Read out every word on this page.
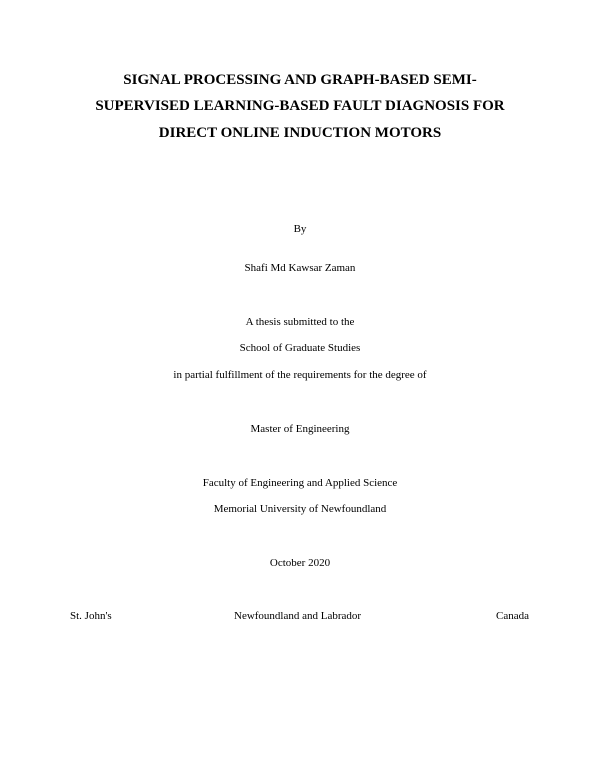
SIGNAL PROCESSING AND GRAPH-BASED SEMI-
SUPERVISED LEARNING-BASED FAULT DIAGNOSIS FOR
DIRECT ONLINE INDUCTION MOTORS
By
Shafi Md Kawsar Zaman
A thesis submitted to the
School of Graduate Studies
in partial fulfillment of the requirements for the degree of
Master of Engineering
Faculty of Engineering and Applied Science
Memorial University of Newfoundland
October 2020
St. John's	Newfoundland and Labrador	Canada
